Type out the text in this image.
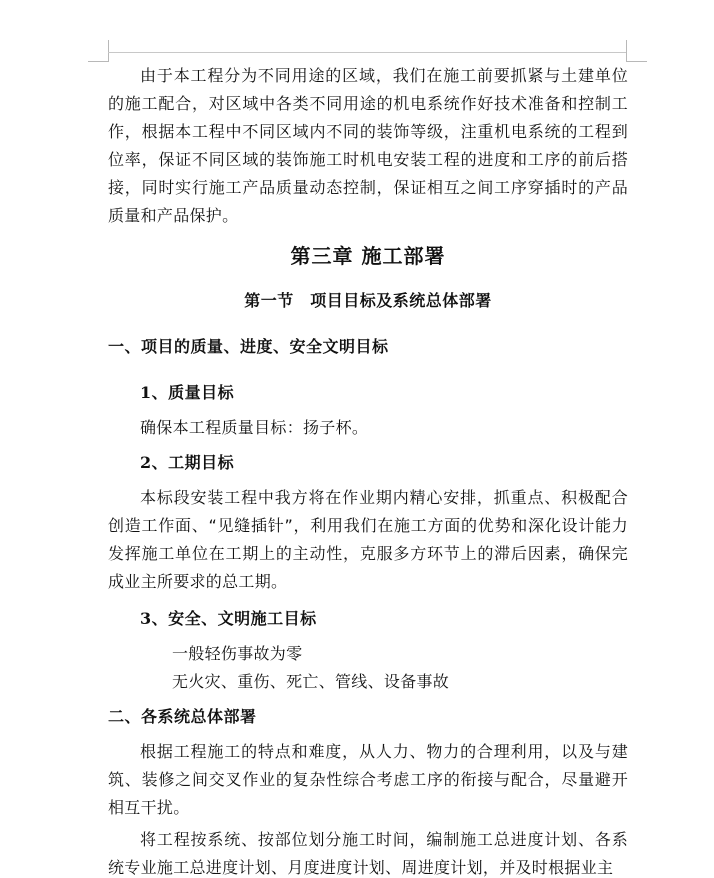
由于本工程分为不同用途的区域，我们在施工前要抓紧与土建单位的施工配合，对区域中各类不同用途的机电系统作好技术准备和控制工作，根据本工程中不同区域内不同的装饰等级，注重机电系统的工程到位率，保证不同区域的装饰施工时机电安装工程的进度和工序的前后搭接，同时实行施工产品质量动态控制，保证相互之间工序穿插时的产品质量和产品保护。

第三章 施工部署
第一节　项目目标及系统总体部署
一、项目的质量、进度、安全文明目标
1、质量目标

确保本工程质量目标：扬子杯。

2、工期目标

本标段安装工程中我方将在作业期内精心安排，抓重点、积极配合创造工作面、“见缝插针”，利用我们在施工方面的优势和深化设计能力发挥施工单位在工期上的主动性，克服多方环节上的滞后因素，确保完成业主所要求的总工期。

3、安全、文明施工目标

一般轻伤事故为零

无火灾、重伤、死亡、管线、设备事故

二、各系统总体部署

根据工程施工的特点和难度，从人力、物力的合理利用，以及与建筑、装修之间交叉作业的复杂性综合考虑工序的衔接与配合，尽量避开相互干扰。

将工程按系统、按部位划分施工时间，编制施工总进度计划、各系统专业施工总进度计划、月度进度计划、周进度计划，并及时根据业主
